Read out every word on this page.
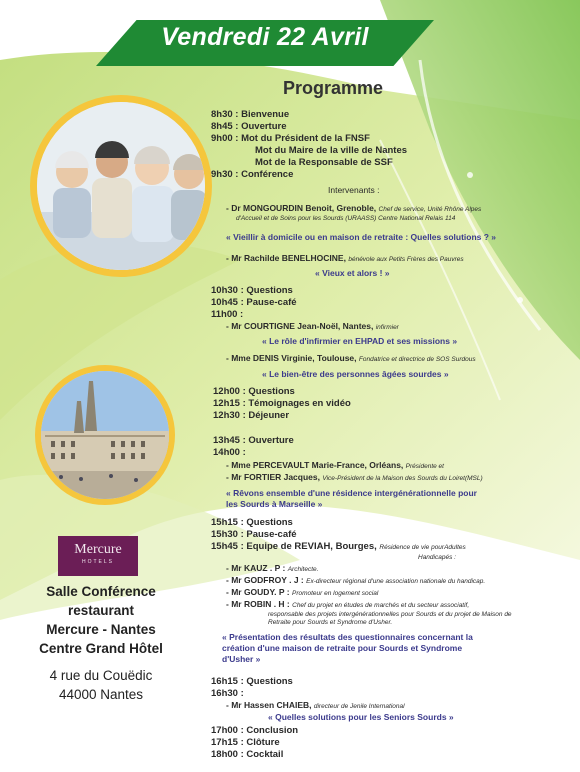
Vendredi 22 Avril
Programme
Mercure
HOTELS
Salle Conférence
restaurant
Mercure - Nantes
Centre Grand Hôtel
4 rue du Couëdic
44000 Nantes
8h30 : Bienvenue
8h45 : Ouverture
9h00 : Mot du Président de la FNSF
Mot du Maire de la ville de Nantes
Mot de la Responsable de SSF
9h30 : Conférence
Intervenants :
- Dr MONGOURDIN Benoit, Grenoble, Chef de service, Unité Rhône Alpes
d'Accueil et de Soins pour les Sourds (URAASS) Centre National Relais 114
« Vieillir à domicile ou en maison de retraite : Quelles solutions ? »
- Mr Rachilde BENELHOCINE, bénévole aux Petits Frères des Pauvres
« Vieux et alors ! »
10h30 : Questions
10h45 : Pause-café
11h00 :
- Mr COURTIGNE Jean-Noël, Nantes, infirmier
« Le rôle d'infirmier en EHPAD et ses missions »
- Mme DENIS Virginie, Toulouse, Fondatrice et directrice de SOS Surdous
« Le bien-être des personnes âgées sourdes »
12h00 : Questions
12h15 : Témoignages en vidéo
12h30 : Déjeuner
13h45 : Ouverture
14h00 :
- Mme PERCEVAULT Marie-France, Orléans, Présidente et
- Mr FORTIER Jacques, Vice-Président de la Maison des Sourds du Loiret(MSL)
« Rêvons ensemble d'une résidence intergénérationnelle pour
les Sourds à Marseille »
15h15 : Questions
15h30 : Pause-café
15h45 : Equipe de REVIAH, Bourges, Résidence de vie pourAdultes
Handicapés :
- Mr KAUZ . P : Architecte.
- Mr GODFROY . J : Ex-directeur régional d'une association nationale du handicap.
- Mr GOUDY. P : Promoteur en logement social
- Mr ROBIN . H : Chef du projet en études de marchés et du secteur associatif,
responsable des projets intergénérationnelles pour Sourds et du projet de Maison de
Retraite pour Sourds et Syndrome d'Usher.
« Présentation des résultats des questionnaires concernant la
création d'une maison de retraite pour Sourds et Syndrome
d'Usher »
16h15 : Questions
16h30 :
- Mr Hassen CHAIEB, directeur de Jenile International
« Quelles solutions pour les Seniors Sourds »
17h00 : Conclusion
17h15 : Clôture
18h00 : Cocktail
